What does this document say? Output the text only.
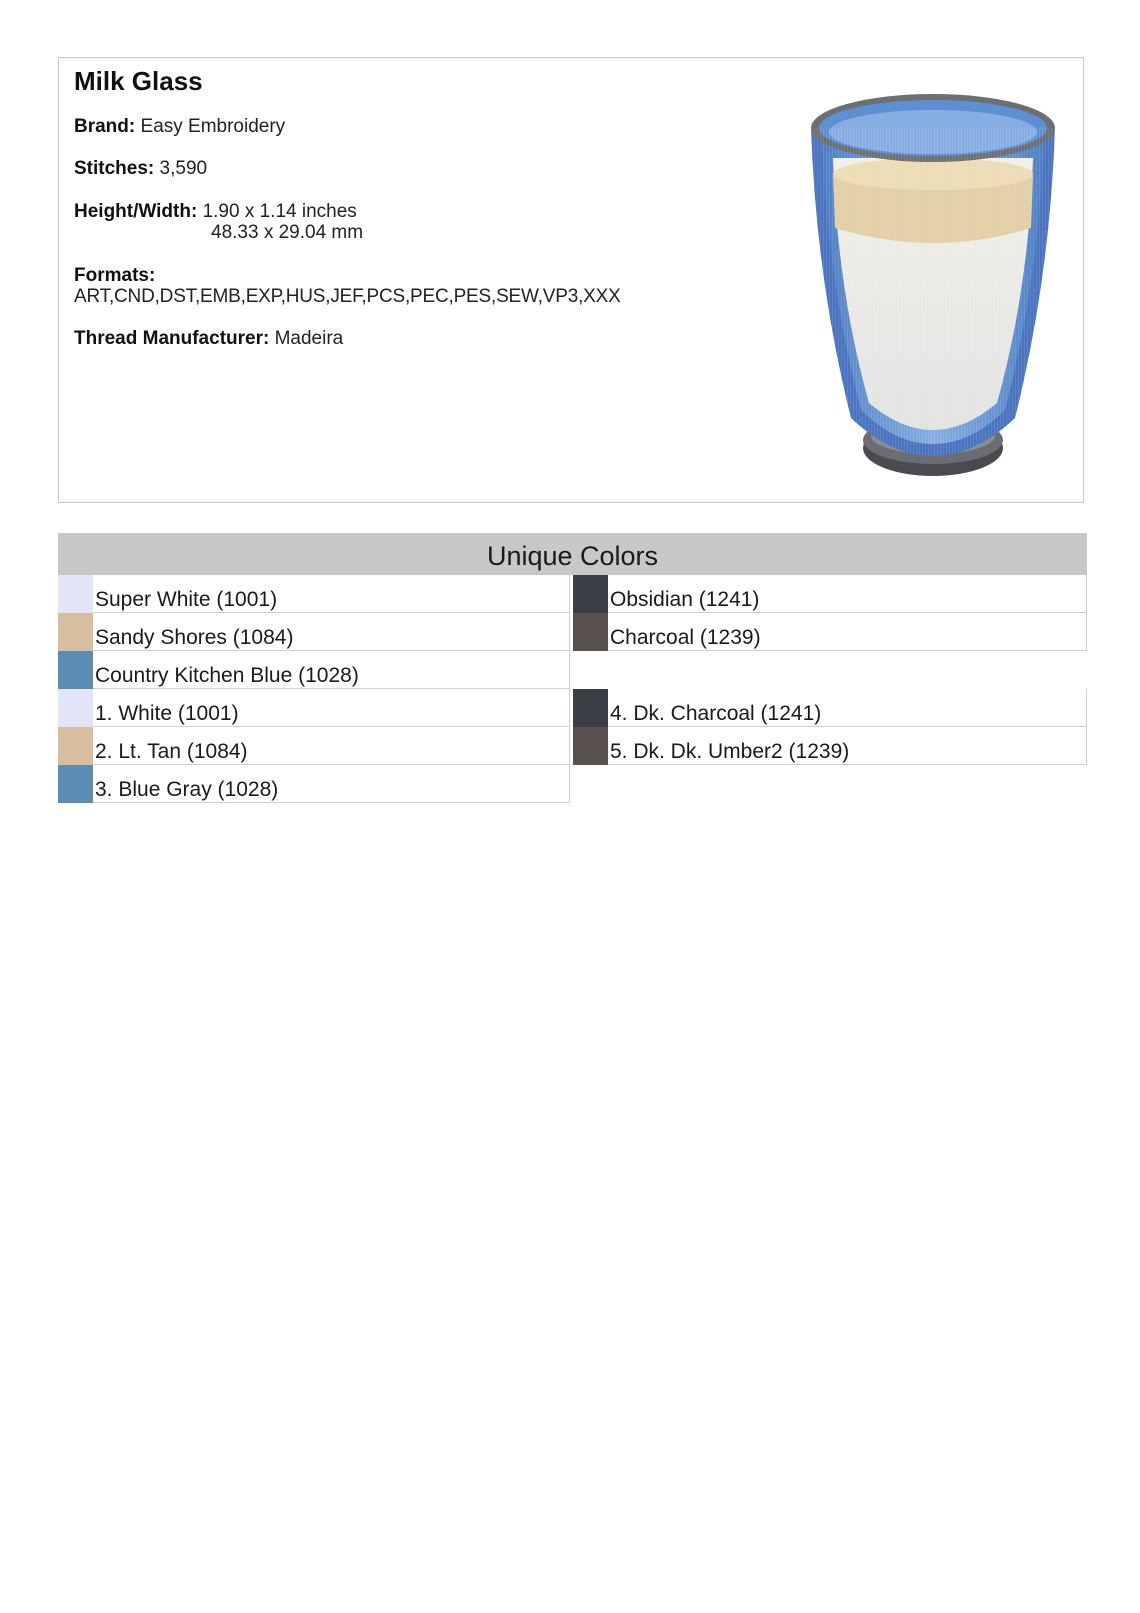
Milk Glass
Brand: Easy Embroidery
Stitches: 3,590
Height/Width: 1.90 x 1.14 inches
48.33 x 29.04 mm
Formats:
ART,CND,DST,EMB,EXP,HUS,JEF,PCS,PEC,PES,SEW,VP3,XXX
Thread Manufacturer: Madeira
Unique Colors
Super White (1001)
Sandy Shores (1084)
Country Kitchen Blue (1028)
1. White (1001)
2. Lt. Tan (1084)
3. Blue Gray (1028)
Obsidian (1241)
Charcoal (1239)
4. Dk. Charcoal (1241)
5. Dk. Dk. Umber2 (1239)
